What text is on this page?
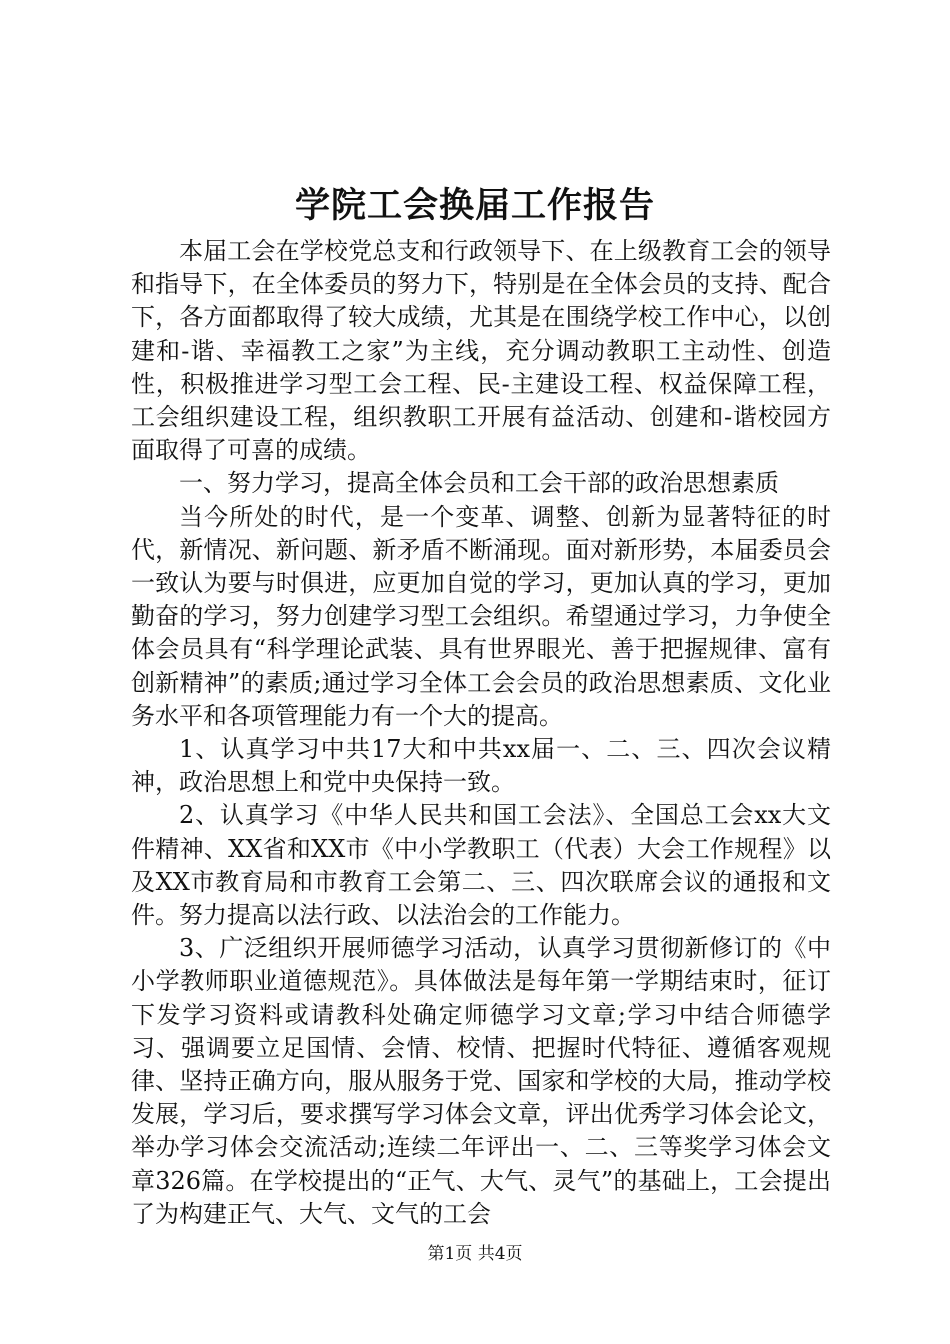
学院工会换届工作报告

本届工会在学校党总支和行政领导下、在上级教育工会的领导和指导下，在全体委员的努力下，特别是在全体会员的支持、配合下，各方面都取得了较大成绩，尤其是在围绕学校工作中心，以创建和-谐、幸福教工之家”为主线，充分调动教职工主动性、创造性，积极推进学习型工会工程、民-主建设工程、权益保障工程，工会组织建设工程，组织教职工开展有益活动、创建和-谐校园方面取得了可喜的成绩。

一、努力学习，提高全体会员和工会干部的政治思想素质

当今所处的时代，是一个变革、调整、创新为显著特征的时代，新情况、新问题、新矛盾不断涌现。面对新形势，本届委员会一致认为要与时俱进，应更加自觉的学习，更加认真的学习，更加勤奋的学习，努力创建学习型工会组织。希望通过学习，力争使全体会员具有“科学理论武装、具有世界眼光、善于把握规律、富有创新精神”的素质;通过学习全体工会会员的政治思想素质、文化业务水平和各项管理能力有一个大的提高。

1、认真学习中共17大和中共xx届一、二、三、四次会议精神，政治思想上和党中央保持一致。

2、认真学习《中华人民共和国工会法》、全国总工会xx大文件精神、XX省和XX市《中小学教职工（代表）大会工作规程》以及XX市教育局和市教育工会第二、三、四次联席会议的通报和文件。努力提高以法行政、以法治会的工作能力。

3、广泛组织开展师德学习活动，认真学习贯彻新修订的《中小学教师职业道德规范》。具体做法是每年第一学期结束时，征订下发学习资料或请教科处确定师德学习文章;学习中结合师德学习、强调要立足国情、会情、校情、把握时代特征、遵循客观规律、坚持正确方向，服从服务于党、国家和学校的大局，推动学校发展，学习后，要求撰写学习体会文章，评出优秀学习体会论文，举办学习体会交流活动;连续二年评出一、二、三等奖学习体会文章326篇。在学校提出的“正气、大气、灵气”的基础上，工会提出了为构建正气、大气、文气的工会

第1页 共4页
